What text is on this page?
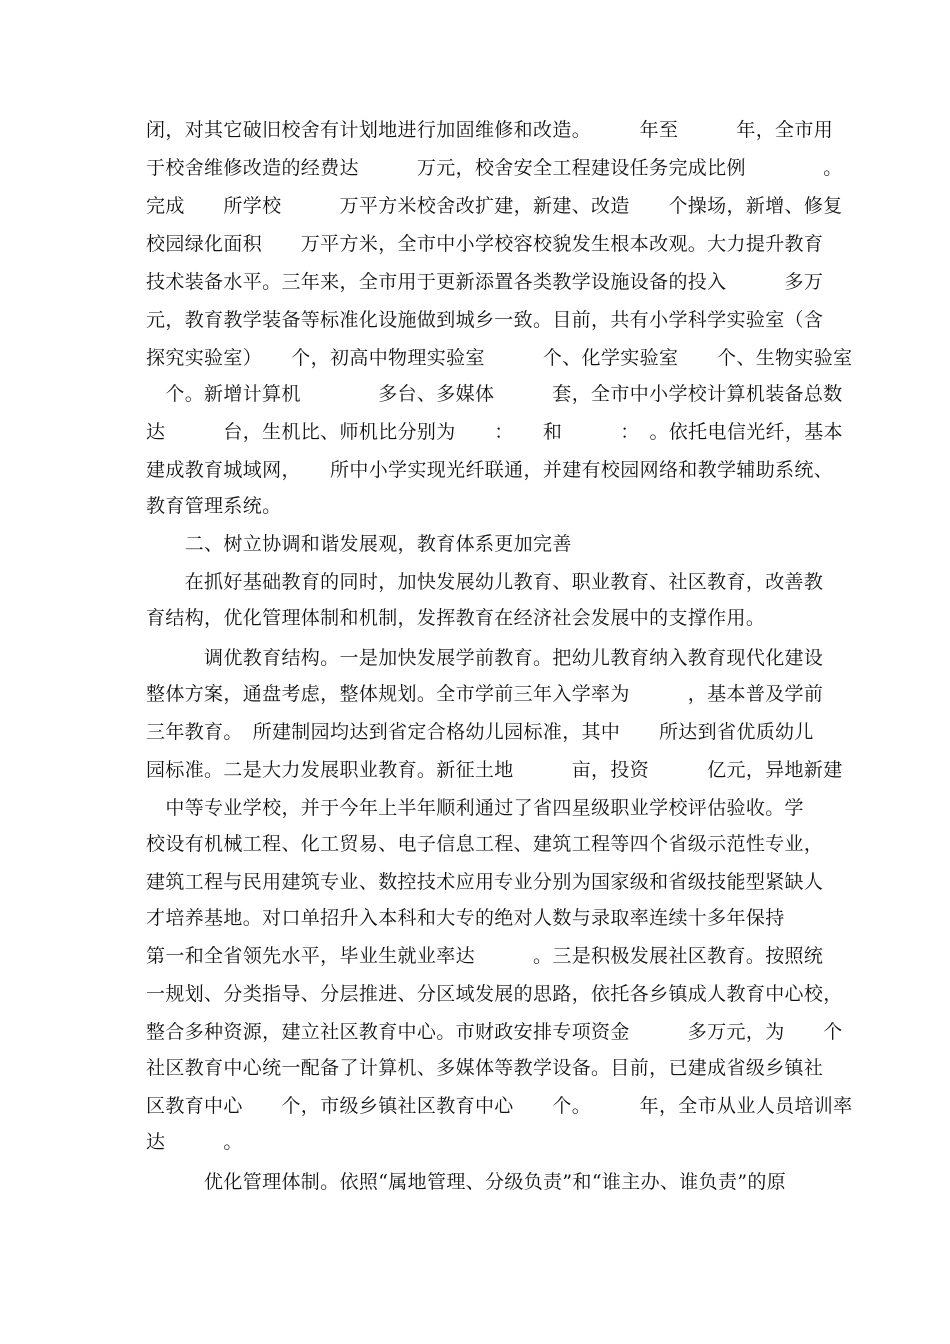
闭，对其它破旧校舍有计划地进行加固维修和改造。　　　年至　　　年，全市用
于校舍维修改造的经费达　　　万元，校舍安全工程建设任务完成比例　　　　。
完成　　所学校　　　万平方米校舍改扩建，新建、改造　　个操场，新增、修复
校园绿化面积　　万平方米，全市中小学校容校貌发生根本改观。大力提升教育
技术装备水平。三年来，全市用于更新添置各类教学设施设备的投入　　　多万
元，教育教学装备等标准化设施做到城乡一致。目前，共有小学科学实验室（含
探究实验室）　　个，初高中物理实验室　　　个、化学实验室　　个、生物实验室
　个。新增计算机　　　　多台、多媒体　　　套，全市中小学校计算机装备总数
达　　　台，生机比、师机比分别为　　：　　和　　　：　。依托电信光纤，基本
建成教育城域网，　　所中小学实现光纤联通，并建有校园网络和教学辅助系统、
教育管理系统。
　　二、树立协调和谐发展观，教育体系更加完善
　　在抓好基础教育的同时，加快发展幼儿教育、职业教育、社区教育，改善教
育结构，优化管理体制和机制，发挥教育在经济社会发展中的支撑作用。
　　　调优教育结构。一是加快发展学前教育。把幼儿教育纳入教育现代化建设
整体方案，通盘考虑，整体规划。全市学前三年入学率为　　　，基本普及学前
三年教育。　所建制园均达到省定合格幼儿园标准，其中　　所达到省优质幼儿
园标准。二是大力发展职业教育。新征土地　　　亩，投资　　　亿元，异地新建
　中等专业学校，并于今年上半年顺利通过了省四星级职业学校评估验收。学
校设有机械工程、化工贸易、电子信息工程、建筑工程等四个省级示范性专业，
建筑工程与民用建筑专业、数控技术应用专业分别为国家级和省级技能型紧缺人
才培养基地。对口单招升入本科和大专的绝对人数与录取率连续十多年保持
第一和全省领先水平，毕业生就业率达　　　。三是积极发展社区教育。按照统
一规划、分类指导、分层推进、分区域发展的思路，依托各乡镇成人教育中心校，
整合多种资源，建立社区教育中心。市财政安排专项资金　　　多万元，为　　个
社区教育中心统一配备了计算机、多媒体等教学设备。目前，已建成省级乡镇社
区教育中心　　个，市级乡镇社区教育中心　　个。　　　年，全市从业人员培训率
达　　　。
　　　优化管理体制。依照“属地管理、分级负责”和“谁主办、谁负责”的原
